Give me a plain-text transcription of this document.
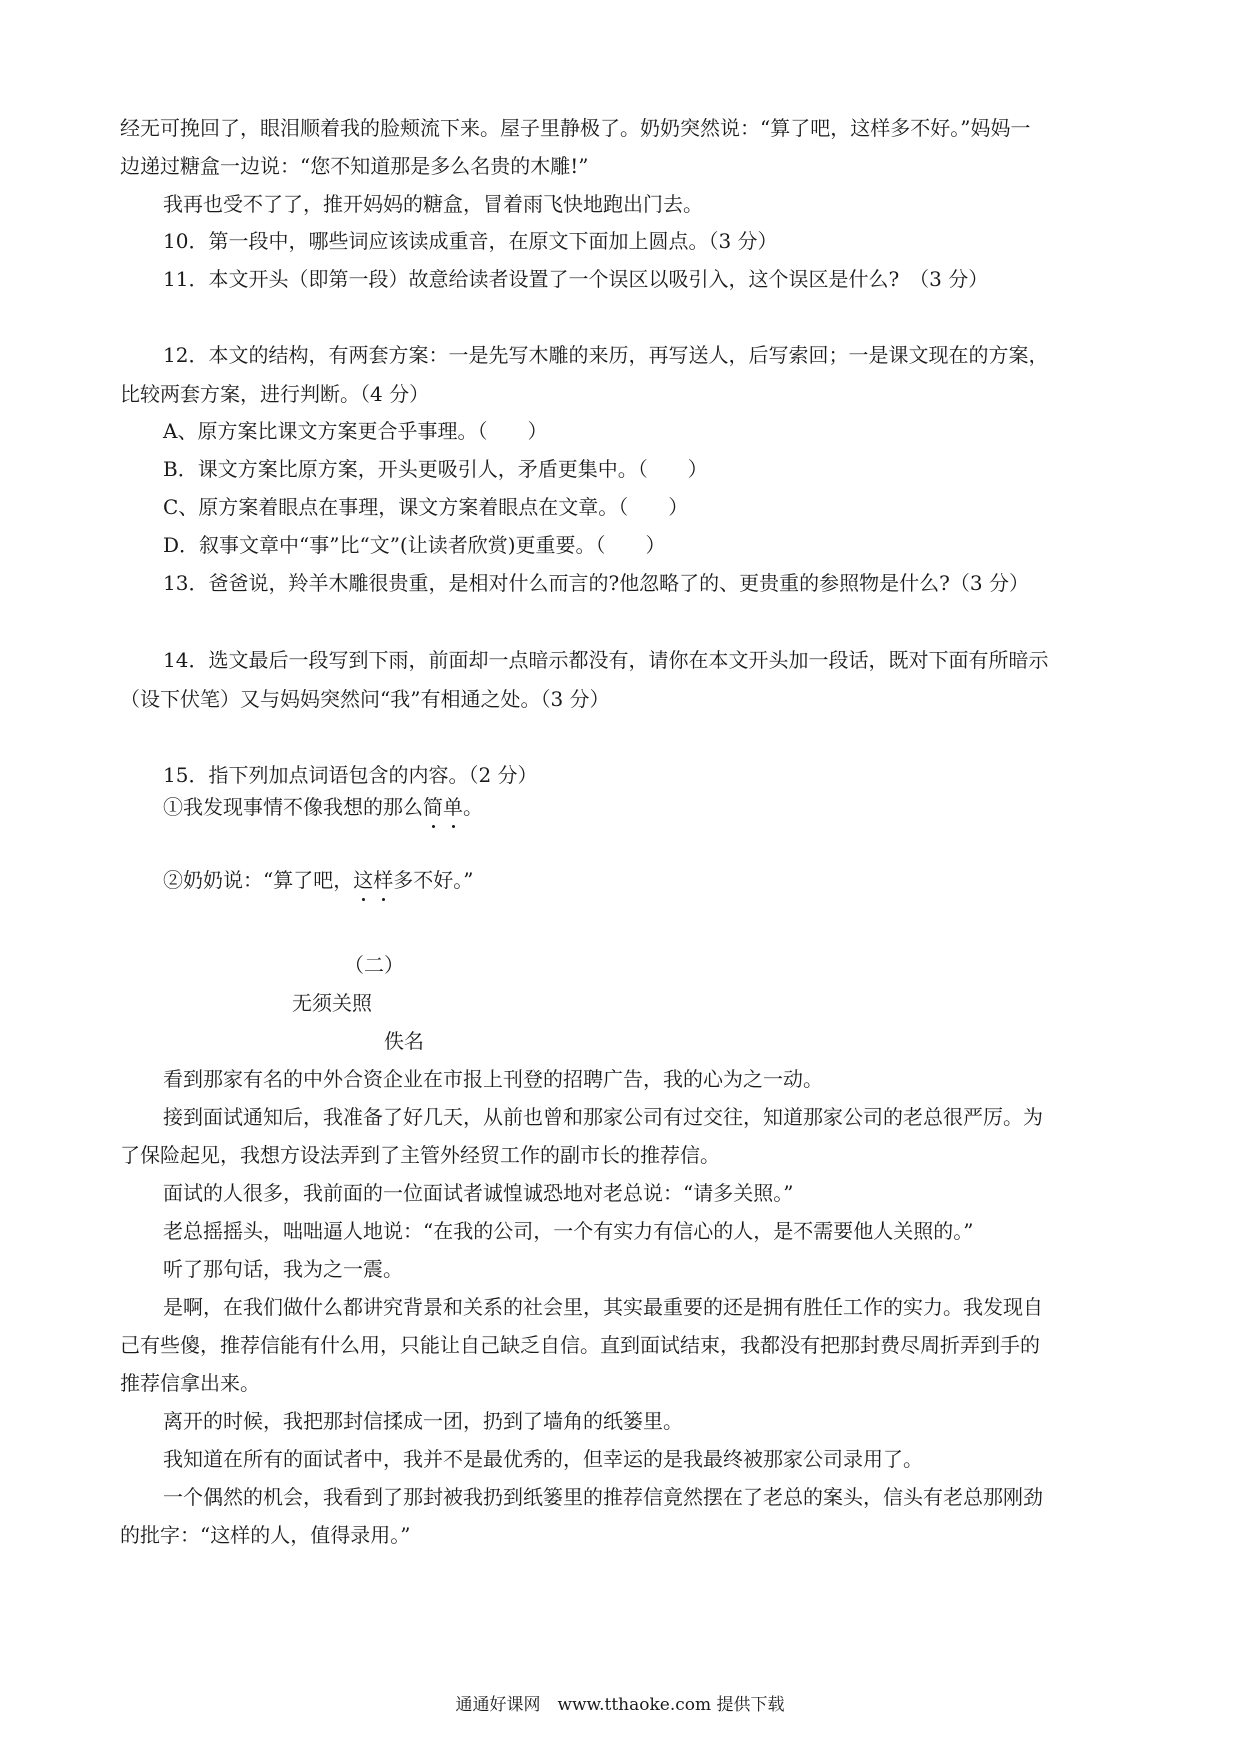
经无可挽回了，眼泪顺着我的脸颊流下来。屋子里静极了。奶奶突然说：“算了吧，这样多不好。”妈妈一
边递过糖盒一边说：“您不知道那是多么名贵的木雕!”
我再也受不了了，推开妈妈的糖盒，冒着雨飞快地跑出门去。
10．第一段中，哪些词应该读成重音，在原文下面加上圆点。（3 分）
11．本文开头（即第一段）故意给读者设置了一个误区以吸引入，这个误区是什么?　（3 分）
12．本文的结构，有两套方案：一是先写木雕的来历，再写送人，后写索回；一是课文现在的方案，
比较两套方案，进行判断。（4 分）
A、原方案比课文方案更合乎事理。（　　）
B．课文方案比原方案，开头更吸引人，矛盾更集中。（　　）
C、原方案着眼点在事理，课文方案着眼点在文章。（　　）
D．叙事文章中“事”比“文”(让读者欣赏)更重要。（　　）
13．爸爸说，羚羊木雕很贵重，是相对什么而言的?他忽略了的、更贵重的参照物是什么?（3 分）
14．选文最后一段写到下雨，前面却一点暗示都没有，请你在本文开头加一段话，既对下面有所暗示
（设下伏笔）又与妈妈突然问“我”有相通之处。（3 分）
15．指下列加点词语包含的内容。（2 分）
①我发现事情不像我想的那么简单。
②奶奶说：“算了吧，这样多不好。”
（二）
无须关照
佚名
看到那家有名的中外合资企业在市报上刊登的招聘广告，我的心为之一动。
接到面试通知后，我准备了好几天，从前也曾和那家公司有过交往，知道那家公司的老总很严厉。为
了保险起见，我想方设法弄到了主管外经贸工作的副市长的推荐信。
面试的人很多，我前面的一位面试者诚惶诚恐地对老总说：“请多关照。”
老总摇摇头，咄咄逼人地说：“在我的公司，一个有实力有信心的人，是不需要他人关照的。”
听了那句话，我为之一震。
是啊，在我们做什么都讲究背景和关系的社会里，其实最重要的还是拥有胜任工作的实力。我发现自
己有些傻，推荐信能有什么用，只能让自己缺乏自信。直到面试结束，我都没有把那封费尽周折弄到手的
推荐信拿出来。
离开的时候，我把那封信揉成一团，扔到了墙角的纸篓里。
我知道在所有的面试者中，我并不是最优秀的，但幸运的是我最终被那家公司录用了。
一个偶然的机会，我看到了那封被我扔到纸篓里的推荐信竟然摆在了老总的案头，信头有老总那刚劲
的批字：“这样的人，值得录用。”
通通好课网　www.tthaoke.com 提供下载
